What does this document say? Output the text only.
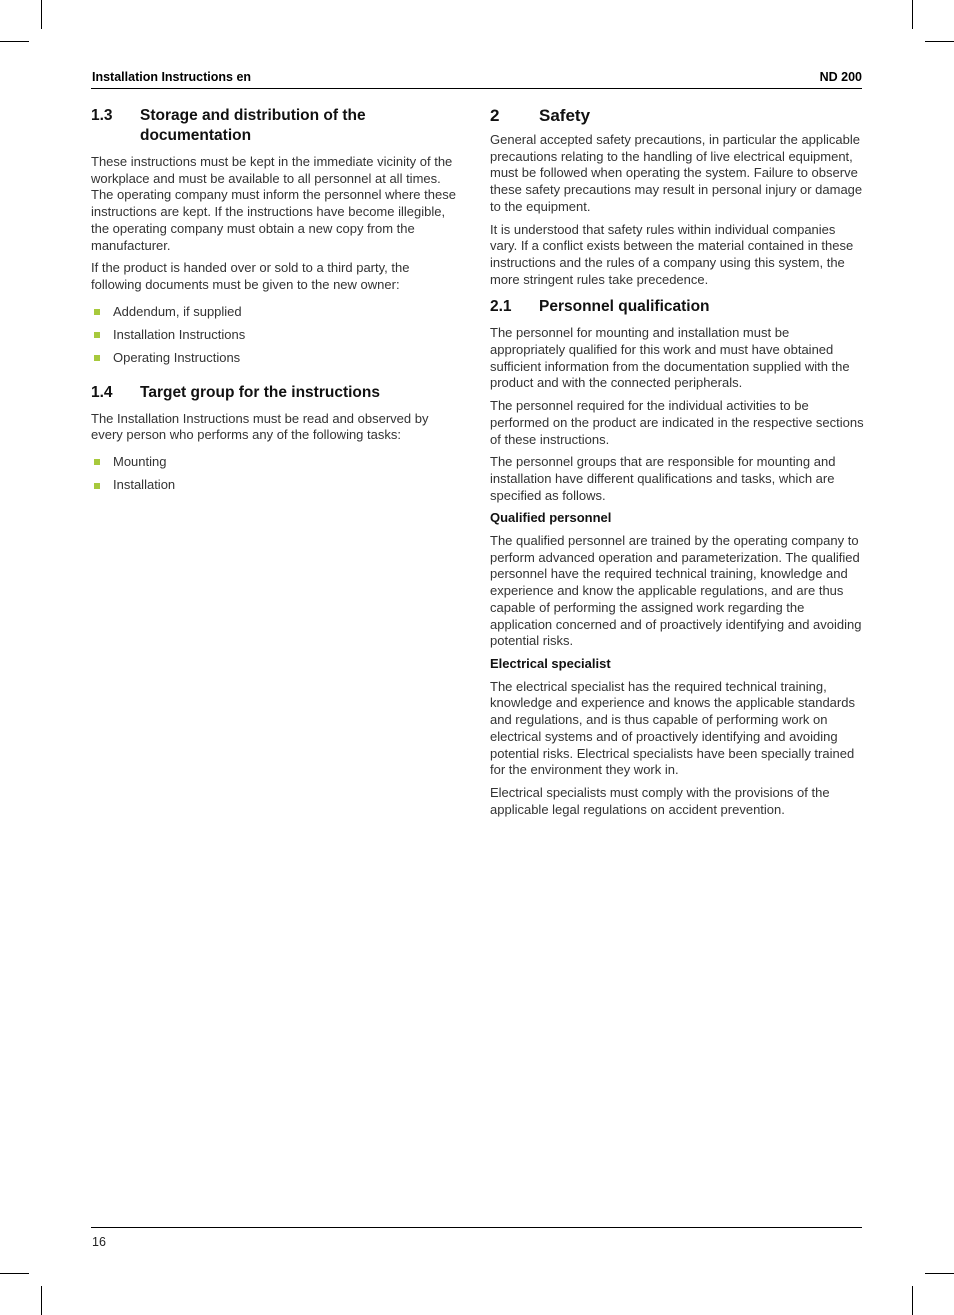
Installation Instructions en	ND 200
1.3	Storage and distribution of the documentation

These instructions must be kept in the immediate vicinity of the workplace and must be available to all personnel at all times. The operating company must inform the personnel where these instructions are kept. If the instructions have become illegible, the operating company must obtain a new copy from the manufacturer.

If the product is handed over or sold to a third party, the following documents must be given to the new owner:

Addendum, if supplied
Installation Instructions
Operating Instructions
1.4	Target group for the instructions

The Installation Instructions must be read and observed by every person who performs any of the following tasks:

Mounting
Installation
2	Safety

General accepted safety precautions, in particular the applicable precautions relating to the handling of live electrical equipment, must be followed when operating the system. Failure to observe these safety precautions may result in personal injury or damage to the equipment.

It is understood that safety rules within individual companies vary. If a conflict exists between the material contained in these instructions and the rules of a company using this system, the more stringent rules take precedence.

2.1	Personnel qualification

The personnel for mounting and installation must be appropriately qualified for this work and must have obtained sufficient information from the documentation supplied with the product and with the connected peripherals.

The personnel required for the individual activities to be performed on the product are indicated in the respective sections of these instructions.

The personnel groups that are responsible for mounting and installation have different qualifications and tasks, which are specified as follows.

Qualified personnel

The qualified personnel are trained by the operating company to perform advanced operation and parameterization. The qualified personnel have the required technical training, knowledge and experience and know the applicable regulations, and are thus capable of performing the assigned work regarding the application concerned and of proactively identifying and avoiding potential risks.

Electrical specialist

The electrical specialist has the required technical training, knowledge and experience and knows the applicable standards and regulations, and is thus capable of performing work on electrical systems and of proactively identifying and avoiding potential risks. Electrical specialists have been specially trained for the environment they work in.

Electrical specialists must comply with the provisions of the applicable legal regulations on accident prevention.

16
